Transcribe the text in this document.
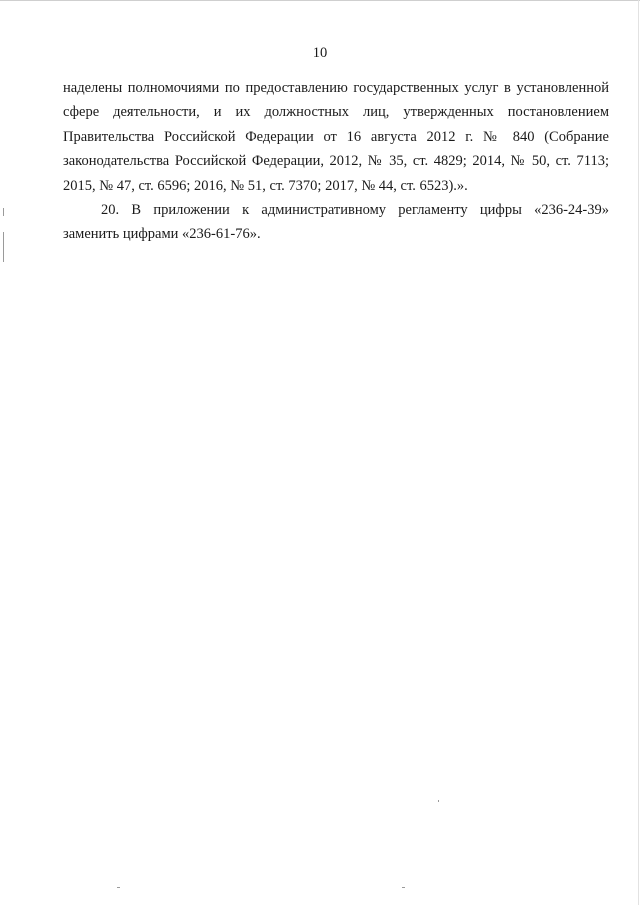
10
наделены полномочиями по предоставлению государственных услуг в установленной
сфере деятельности, и их должностных лиц, утвержденных постановлением
Правительства Российской Федерации от 16 августа 2012 г. № 840 (Собрание
законодательства Российской Федерации, 2012, № 35, ст. 4829; 2014, № 50, ст. 7113;
2015, № 47, ст. 6596; 2016, № 51, ст. 7370; 2017, № 44, ст. 6523).».
20. В приложении к административному регламенту цифры «236-24-39»
заменить цифрами «236-61-76».
